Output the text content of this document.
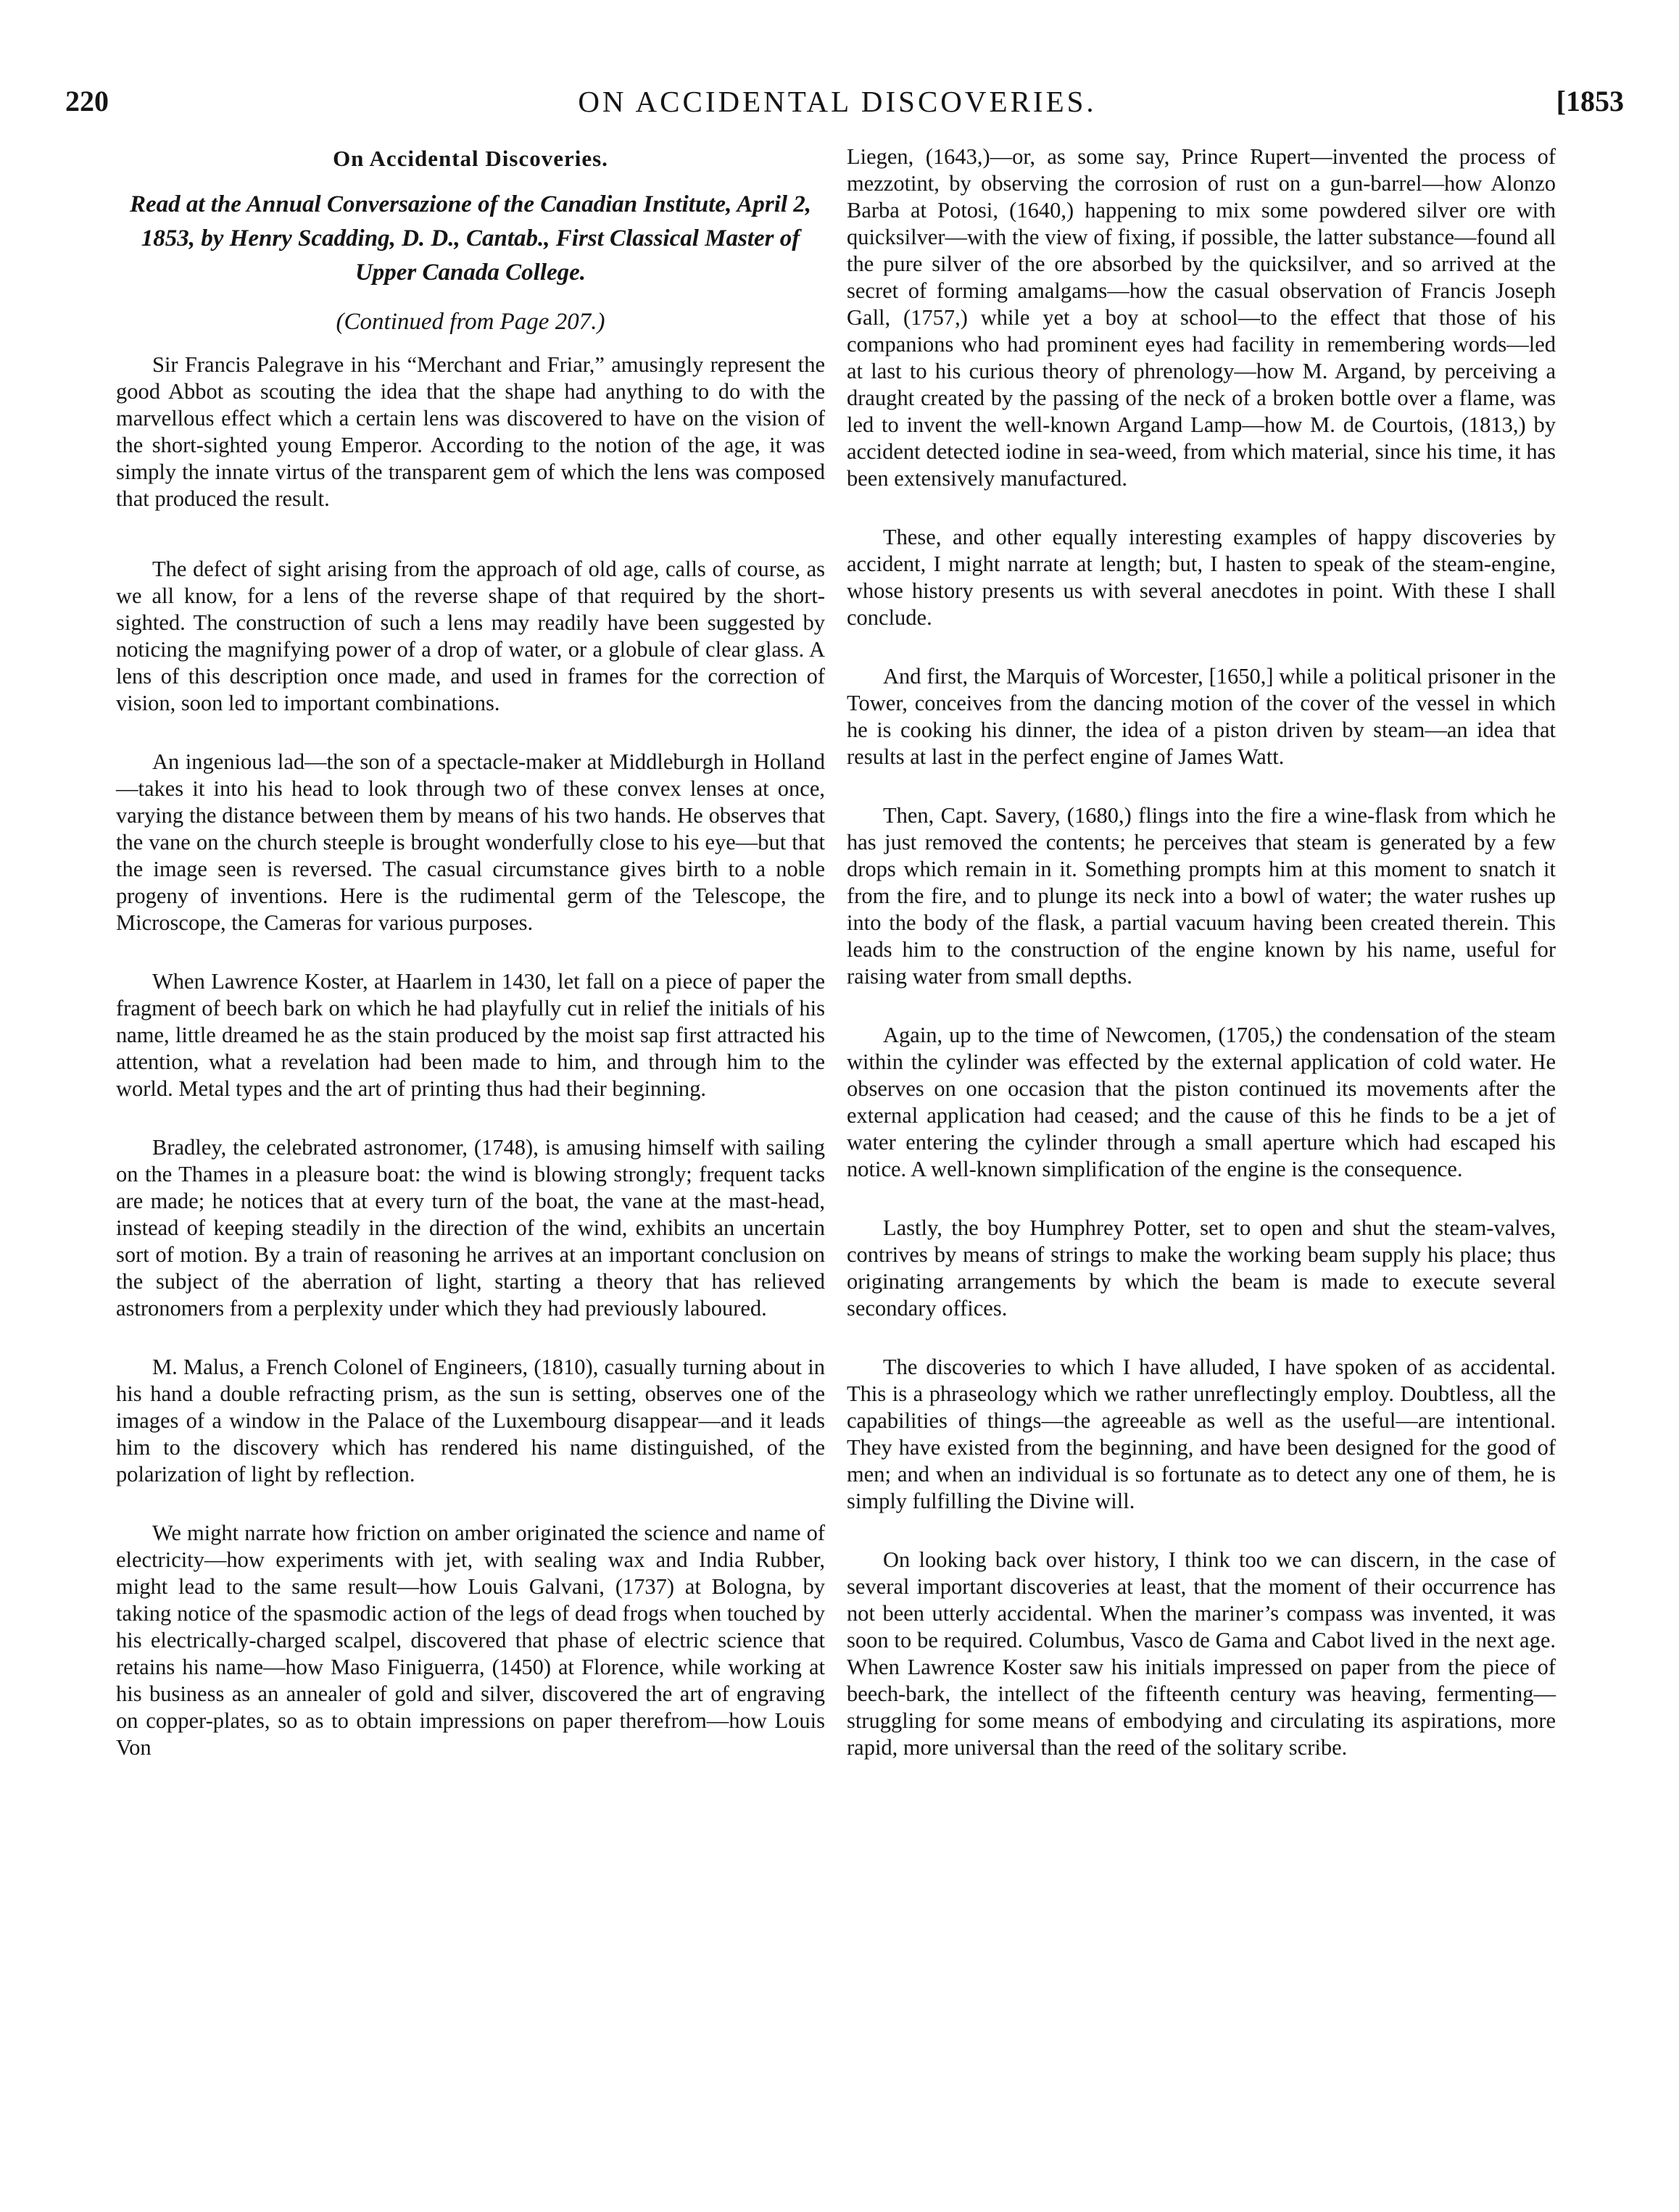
220	ON ACCIDENTAL DISCOVERIES.	[1853
On Accidental Discoveries.
Read at the Annual Conversazione of the Canadian Institute, April 2, 1853, by Henry Scadding, D. D., Cantab., First Classical Master of Upper Canada College.
(Continued from Page 207.)

Sir Francis Palegrave in his “Merchant and Friar,” amusingly represent the good Abbot as scouting the idea that the shape had anything to do with the marvellous effect which a certain lens was discovered to have on the vision of the short-sighted young Emperor. According to the notion of the age, it was simply the innate virtus of the transparent gem of which the lens was composed that produced the result.

The defect of sight arising from the approach of old age, calls of course, as we all know, for a lens of the reverse shape of that required by the short-sighted. The construction of such a lens may readily have been suggested by noticing the magnifying power of a drop of water, or a globule of clear glass. A lens of this description once made, and used in frames for the correction of vision, soon led to important combinations.

An ingenious lad—the son of a spectacle-maker at Middleburgh in Holland—takes it into his head to look through two of these convex lenses at once, varying the distance between them by means of his two hands. He observes that the vane on the church steeple is brought wonderfully close to his eye—but that the image seen is reversed. The casual circumstance gives birth to a noble progeny of inventions. Here is the rudimental germ of the Telescope, the Microscope, the Cameras for various purposes.

When Lawrence Koster, at Haarlem in 1430, let fall on a piece of paper the fragment of beech bark on which he had playfully cut in relief the initials of his name, little dreamed he as the stain produced by the moist sap first attracted his attention, what a revelation had been made to him, and through him to the world. Metal types and the art of printing thus had their beginning.

Bradley, the celebrated astronomer, (1748), is amusing himself with sailing on the Thames in a pleasure boat: the wind is blowing strongly; frequent tacks are made; he notices that at every turn of the boat, the vane at the mast-head, instead of keeping steadily in the direction of the wind, exhibits an uncertain sort of motion. By a train of reasoning he arrives at an important conclusion on the subject of the aberration of light, starting a theory that has relieved astronomers from a perplexity under which they had previously laboured.

M. Malus, a French Colonel of Engineers, (1810), casually turning about in his hand a double refracting prism, as the sun is setting, observes one of the images of a window in the Palace of the Luxembourg disappear—and it leads him to the discovery which has rendered his name distinguished, of the polarization of light by reflection.

We might narrate how friction on amber originated the science and name of electricity—how experiments with jet, with sealing wax and India Rubber, might lead to the same result—how Louis Galvani, (1737) at Bologna, by taking notice of the spasmodic action of the legs of dead frogs when touched by his electrically-charged scalpel, discovered that phase of electric science that retains his name—how Maso Finiguerra, (1450) at Florence, while working at his business as an annealer of gold and silver, discovered the art of engraving on copper-plates, so as to obtain impressions on paper therefrom—how Louis Von

Liegen, (1643,)—or, as some say, Prince Rupert—invented the process of mezzotint, by observing the corrosion of rust on a gun-barrel—how Alonzo Barba at Potosi, (1640,) happening to mix some powdered silver ore with quicksilver—with the view of fixing, if possible, the latter substance—found all the pure silver of the ore absorbed by the quicksilver, and so arrived at the secret of forming amalgams—how the casual observation of Francis Joseph Gall, (1757,) while yet a boy at school—to the effect that those of his companions who had prominent eyes had facility in remembering words—led at last to his curious theory of phrenology—how M. Argand, by perceiving a draught created by the passing of the neck of a broken bottle over a flame, was led to invent the well-known Argand Lamp—how M. de Courtois, (1813,) by accident detected iodine in sea-weed, from which material, since his time, it has been extensively manufactured.

These, and other equally interesting examples of happy discoveries by accident, I might narrate at length; but, I hasten to speak of the steam-engine, whose history presents us with several anecdotes in point. With these I shall conclude.

And first, the Marquis of Worcester, [1650,] while a political prisoner in the Tower, conceives from the dancing motion of the cover of the vessel in which he is cooking his dinner, the idea of a piston driven by steam—an idea that results at last in the perfect engine of James Watt.

Then, Capt. Savery, (1680,) flings into the fire a wine-flask from which he has just removed the contents; he perceives that steam is generated by a few drops which remain in it. Something prompts him at this moment to snatch it from the fire, and to plunge its neck into a bowl of water; the water rushes up into the body of the flask, a partial vacuum having been created therein. This leads him to the construction of the engine known by his name, useful for raising water from small depths.

Again, up to the time of Newcomen, (1705,) the condensation of the steam within the cylinder was effected by the external application of cold water. He observes on one occasion that the piston continued its movements after the external application had ceased; and the cause of this he finds to be a jet of water entering the cylinder through a small aperture which had escaped his notice. A well-known simplification of the engine is the consequence.

Lastly, the boy Humphrey Potter, set to open and shut the steam-valves, contrives by means of strings to make the working beam supply his place; thus originating arrangements by which the beam is made to execute several secondary offices.

The discoveries to which I have alluded, I have spoken of as accidental. This is a phraseology which we rather unreflectingly employ. Doubtless, all the capabilities of things—the agreeable as well as the useful—are intentional. They have existed from the beginning, and have been designed for the good of men; and when an individual is so fortunate as to detect any one of them, he is simply fulfilling the Divine will.

On looking back over history, I think too we can discern, in the case of several important discoveries at least, that the moment of their occurrence has not been utterly accidental. When the mariner’s compass was invented, it was soon to be required. Columbus, Vasco de Gama and Cabot lived in the next age. When Lawrence Koster saw his initials impressed on paper from the piece of beech-bark, the intellect of the fifteenth century was heaving, fermenting—struggling for some means of embodying and circulating its aspirations, more rapid, more universal than the reed of the solitary scribe.
